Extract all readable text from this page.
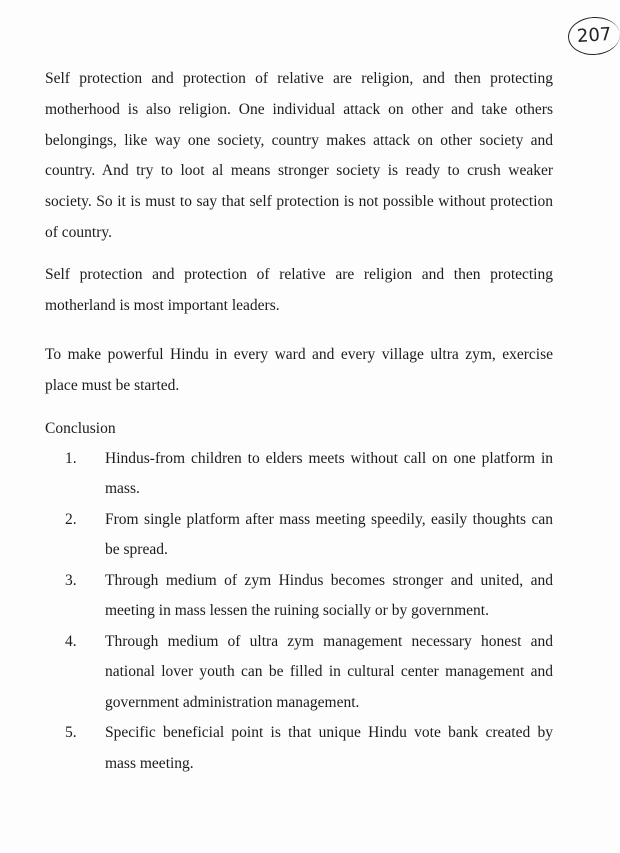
207

Self protection and protection of relative are religion, and then protecting motherhood is also religion. One individual attack on other and take others belongings, like way one society, country makes attack on other society and country. And try to loot al means stronger society is ready to crush weaker society. So it is must to say that self protection is not possible without protection of country.

Self protection and protection of relative are religion and then protecting motherland is most important leaders.

To make powerful Hindu in every ward and every village ultra zym, exercise place must be started.

Conclusion
1. Hindus-from children to elders meets without call on one platform in mass.
2. From single platform after mass meeting speedily, easily thoughts can be spread.
3. Through medium of zym Hindus becomes stronger and united, and meeting in mass lessen the ruining socially or by government.
4. Through medium of ultra zym management necessary honest and national lover youth can be filled in cultural center management and government administration management.
5. Specific beneficial point is that unique Hindu vote bank created by mass meeting.
